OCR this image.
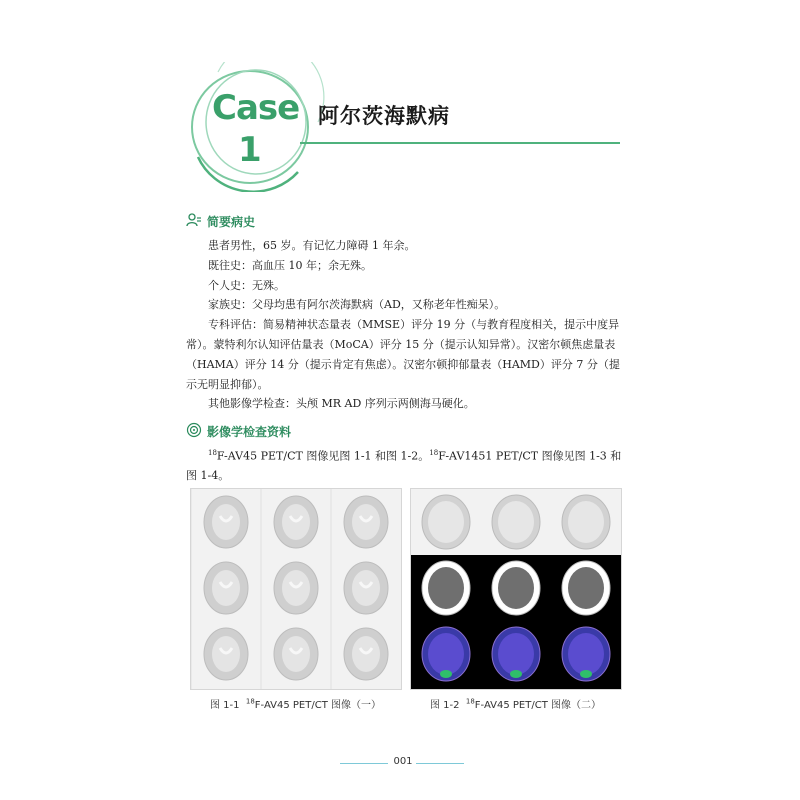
Case
1
阿尔茨海默病
简要病史

患者男性，65 岁。有记忆力障碍 1 年余。

既往史：高血压 10 年；余无殊。

个人史：无殊。

家族史：父母均患有阿尔茨海默病（AD，又称老年性痴呆）。

专科评估：简易精神状态量表（MMSE）评分 19 分（与教育程度相关，提示中度异常）。蒙特利尔认知评估量表（MoCA）评分 15 分（提示认知异常）。汉密尔顿焦虑量表（HAMA）评分 14 分（提示肯定有焦虑）。汉密尔顿抑郁量表（HAMD）评分 7 分（提示无明显抑郁）。

其他影像学检查：头颅 MR AD 序列示两侧海马硬化。

影像学检查资料

$^{18}$F-AV45 PET/CT 图像见图 1-1 和图 1-2。$^{18}$F-AV1451 PET/CT 图像见图 1-3 和图 1-4。

图 1-1 $^{18}$F-AV45 PET/CT 图像（一）	图 1-2 $^{18}$F-AV45 PET/CT 图像（二）
001
